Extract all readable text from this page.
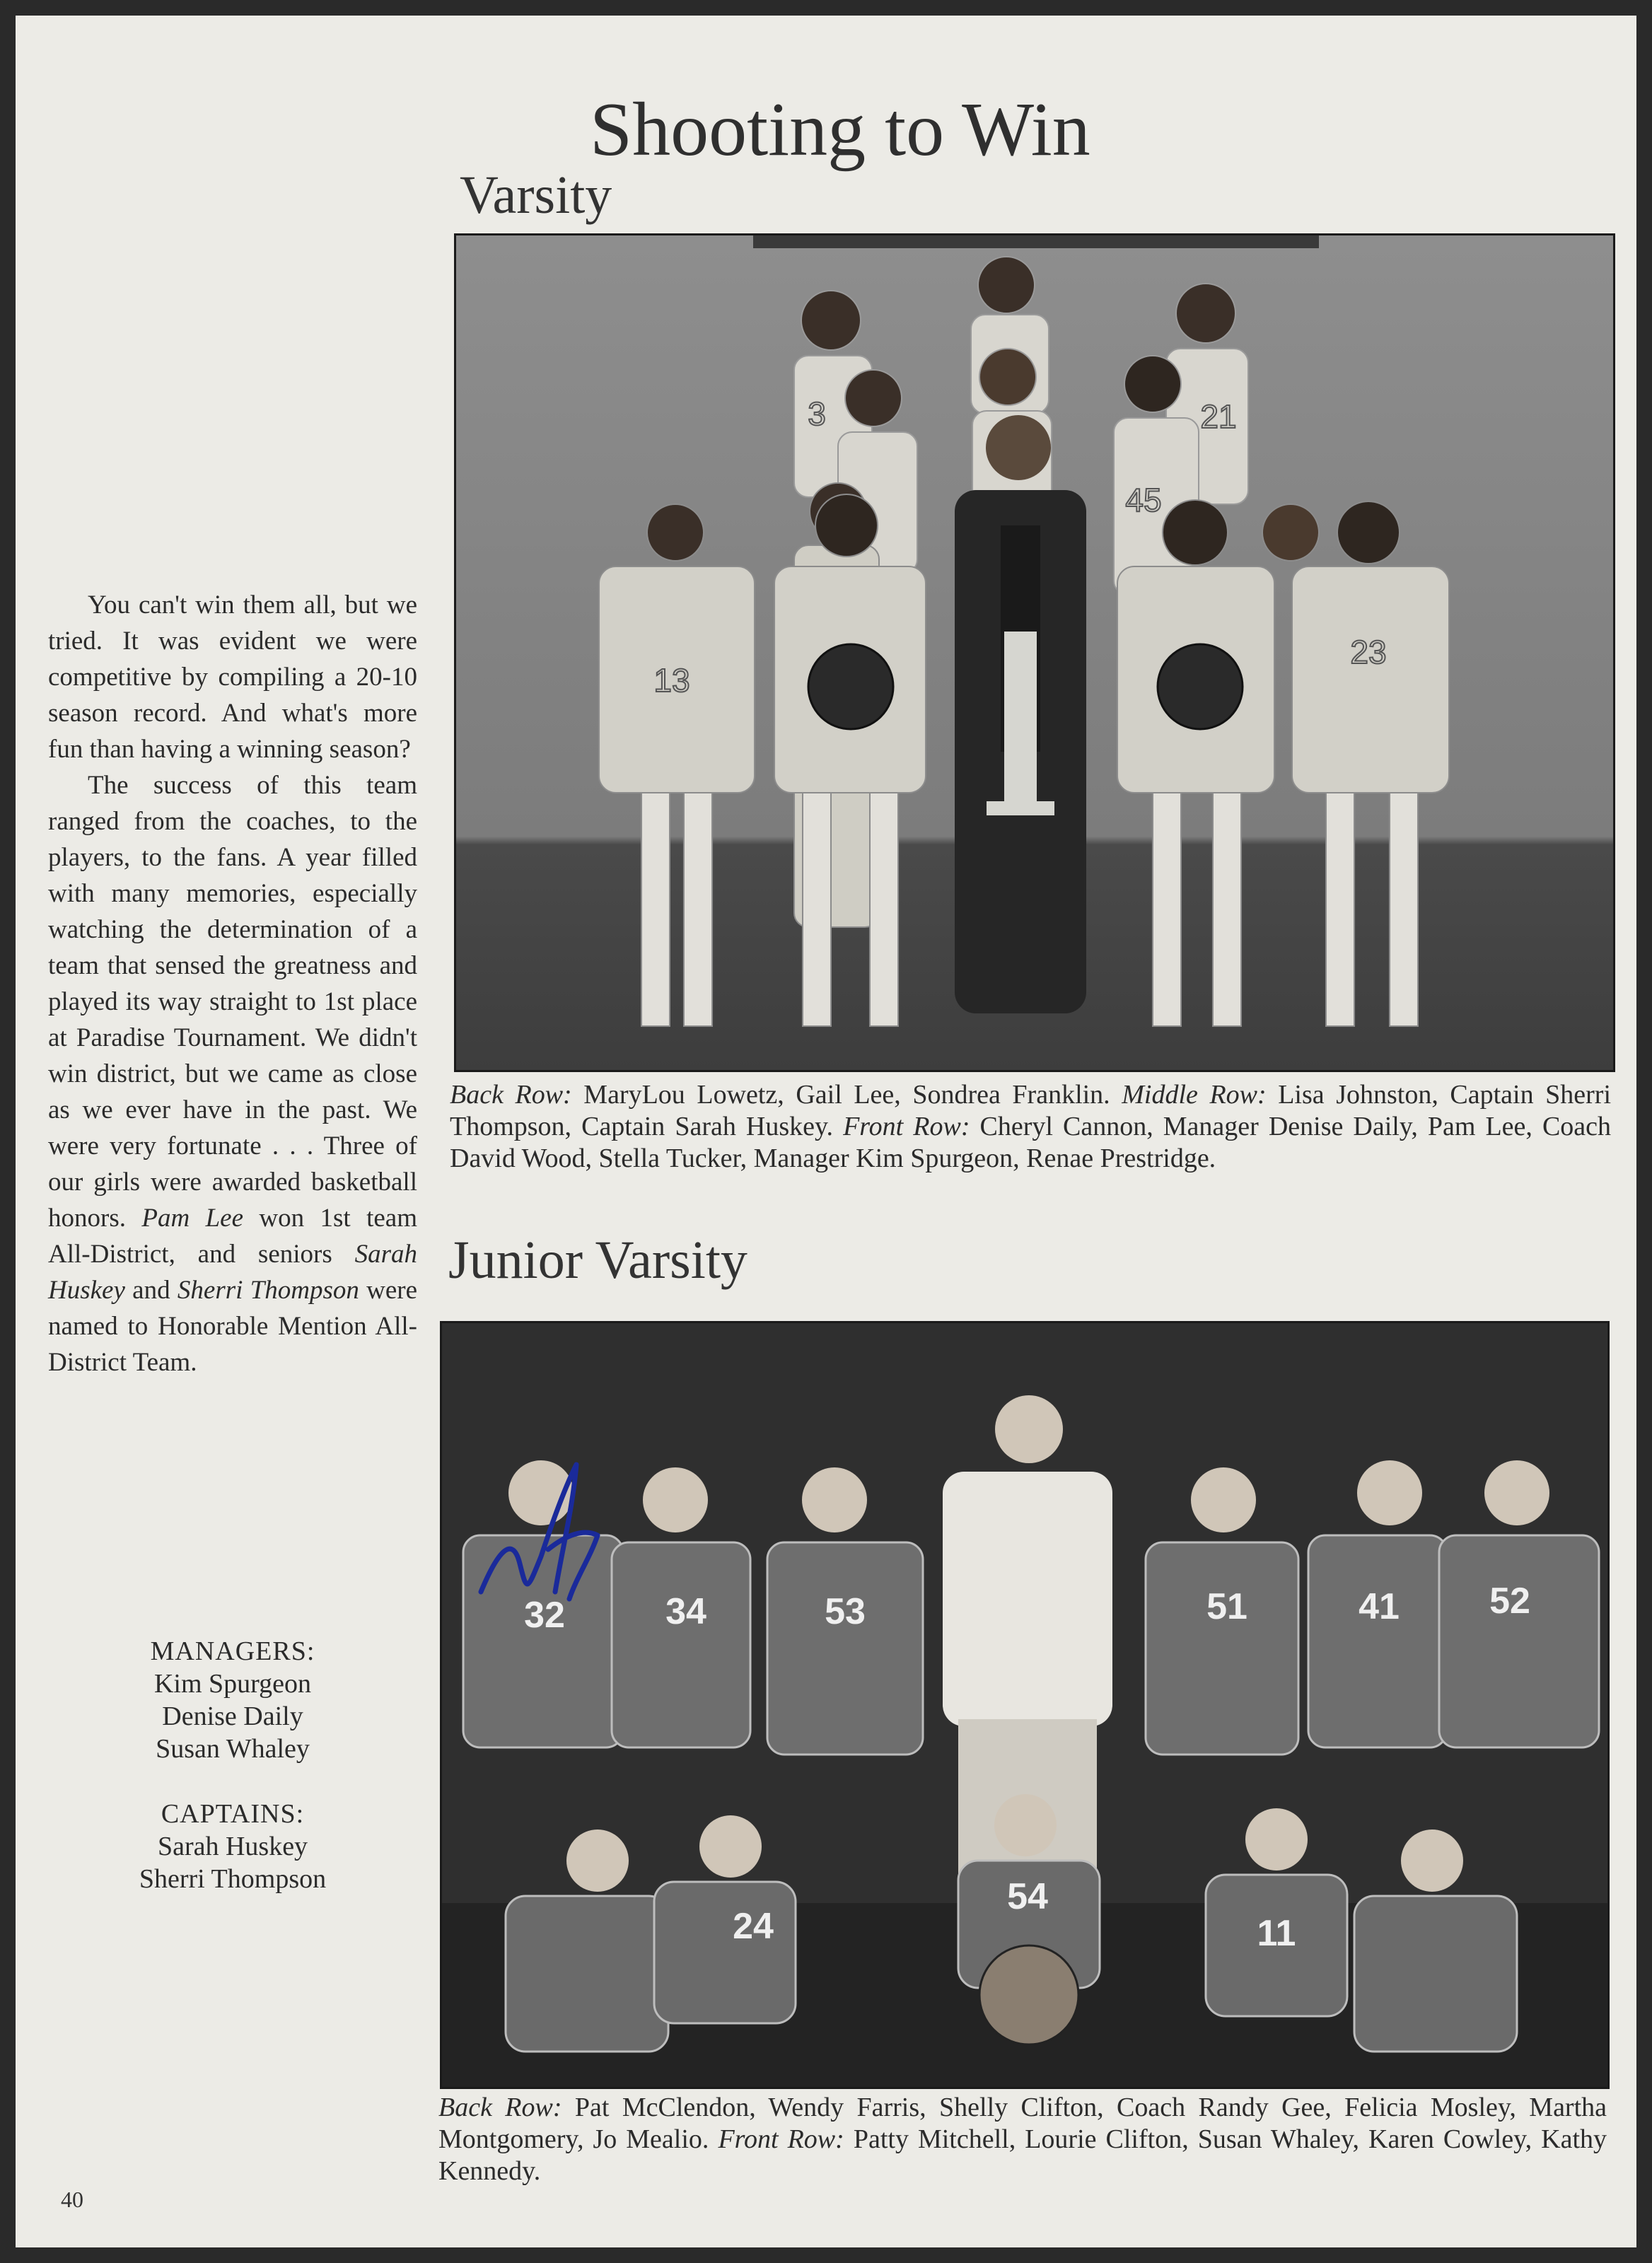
Shooting to Win
Varsity
3	21
45
13
23
Back Row: MaryLou Lowetz, Gail Lee, Sondrea Franklin. Middle Row: Lisa Johnston, Captain Sherri Thompson, Captain Sarah Huskey. Front Row: Cheryl Cannon, Manager Denise Daily, Pam Lee, Coach David Wood, Stella Tucker, Manager Kim Spurgeon, Renae Prestridge.
Junior Varsity
32	34	53	51	41 52
24
54
11
Back Row: Pat McClendon, Wendy Farris, Shelly Clifton, Coach Randy Gee, Felicia Mosley, Martha Montgomery, Jo Mealio. Front Row: Patty Mitchell, Lourie Clifton, Susan Whaley, Karen Cowley, Kathy Kennedy.

You can't win them all, but we tried. It was evident we were competitive by compiling a 20-10 season record. And what's more fun than having a winning season?

The success of this team ranged from the coaches, to the players, to the fans. A year filled with many memories, especially watching the determination of a team that sensed the greatness and played its way straight to 1st place at Paradise Tournament. We didn't win district, but we came as close as we ever have in the past. We were very fortunate . . . Three of our girls were awarded basketball honors. Pam Lee won 1st team All-District, and seniors Sarah Huskey and Sherri Thompson were named to Honorable Mention All-District Team.

MANAGERS:
Kim Spurgeon
Denise Daily
Susan Whaley
CAPTAINS:
Sarah Huskey
Sherri Thompson
40
